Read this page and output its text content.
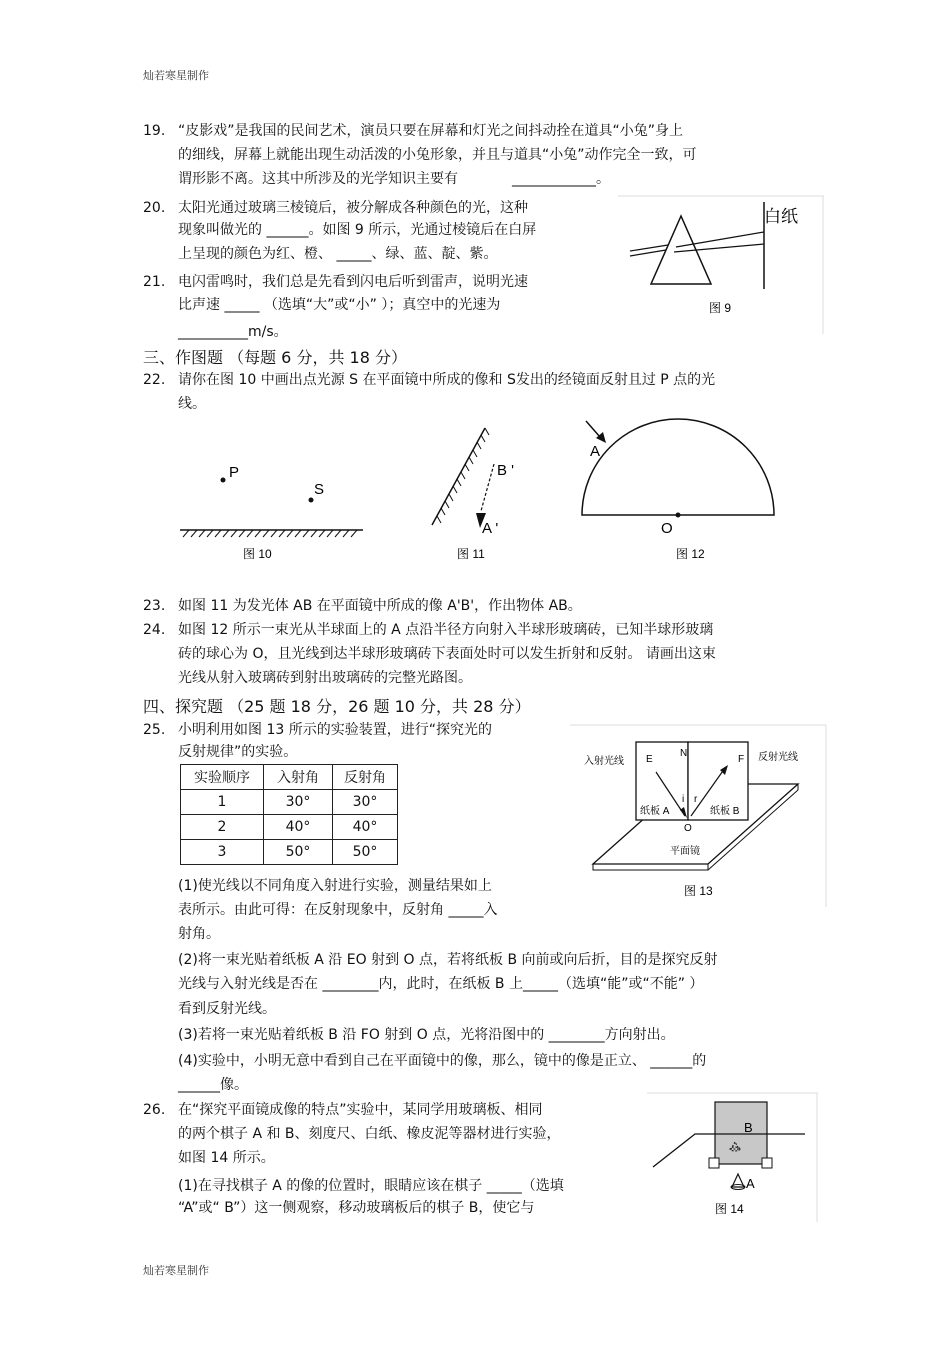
灿若寒星制作
灿若寒星制作
19. “皮影戏”是我国的民间艺术，演员只要在屏幕和灯光之间抖动拴在道具“小兔”身上
的细线，屏幕上就能出现生动活泼的小兔形象，并且与道具“小兔”动作完全一致，可
谓形影不离。这其中所涉及的光学知识主要有	____________。
20. 太阳光通过玻璃三棱镜后，被分解成各种颜色的光，这种
现象叫做光的 ______。如图 9 所示，光通过棱镜后在白屏
上呈现的颜色为红、橙、 _____、绿、蓝、靛、紫。
21. 电闪雷鸣时，我们总是先看到闪电后听到雷声，说明光速
比声速 _____ （选填“大”或“小” ）；真空中的光速为
__________m/s。
白纸
图 9
三、作图题 （每题 6 分，共 18 分）
22. 请你在图 10 中画出点光源 S 在平面镜中所成的像和 S发出的经镜面反射且过 P 点的光
线。
P
S
图 10
B '
A '
图 11
A
O
图 12
23. 如图 11 为发光体 AB 在平面镜中所成的像 A'B'，作出物体 AB。
24. 如图 12 所示一束光从半球面上的 A 点沿半径方向射入半球形玻璃砖，已知半球形玻璃
砖的球心为 O，且光线到达半球形玻璃砖下表面处时可以发生折射和反射。 请画出这束
光线从射入玻璃砖到射出玻璃砖的完整光路图。
四、探究题 （25 题 18 分，26 题 10 分，共 28 分）
25. 小明利用如图 13 所示的实验装置，进行“探究光的
反射规律”的实验。
实验顺序	入射角	反射角
1	30°	30°
2	40°	40°
3	50°	50°
入射光线	反射光线
E
N
F
i r
纸板 A	纸板 B
O
平面镜
图 13
(1)使光线以不同角度入射进行实验，测量结果如上
表所示。由此可得：在反射现象中，反射角 _____入
射角。
(2)将一束光贴着纸板 A 沿 EO 射到 O 点，若将纸板 B 向前或向后折，目的是探究反射
光线与入射光线是否在 ________内，此时，在纸板 B 上_____（选填“能”或“不能” ）
看到反射光线。
(3)若将一束光贴着纸板 B 沿 FO 射到 O 点，光将沿图中的 ________方向射出。
(4)实验中，小明无意中看到自己在平面镜中的像，那么，镜中的像是正立、 ______的
______像。
26. 在“探究平面镜成像的特点”实验中，某同学用玻璃板、相同
的两个棋子 A 和 B、刻度尺、白纸、橡皮泥等器材进行实验，
如图 14 所示。
(1)在寻找棋子 A 的像的位置时，眼睛应该在棋子 _____（选填
“A”或“ B”）这一侧观察，移动玻璃板后的棋子 B，使它与
B
A
图 14
